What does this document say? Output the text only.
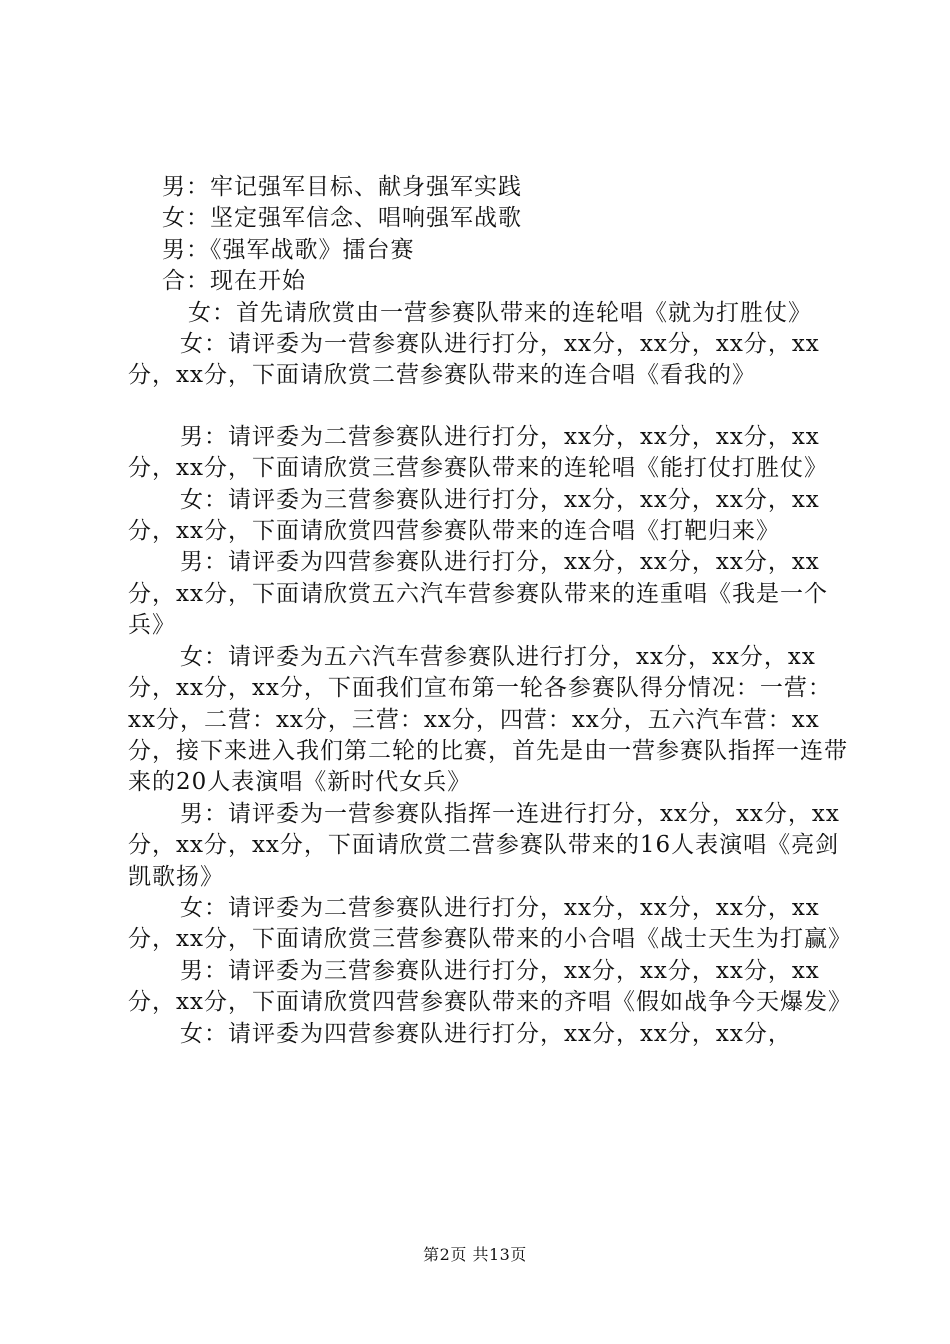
男：牢记强军目标、献身强军实践

女：坚定强军信念、唱响强军战歌

男：《强军战歌》擂台赛

合：现在开始

女：首先请欣赏由一营参赛队带来的连轮唱《就为打胜仗》

女：请评委为一营参赛队进行打分，xx分，xx分，xx分，xx分，xx分，下面请欣赏二营参赛队带来的连合唱《看我的》

男：请评委为二营参赛队进行打分，xx分，xx分，xx分，xx分，xx分，下面请欣赏三营参赛队带来的连轮唱《能打仗打胜仗》

女：请评委为三营参赛队进行打分，xx分，xx分，xx分，xx分，xx分，下面请欣赏四营参赛队带来的连合唱《打靶归来》

男：请评委为四营参赛队进行打分，xx分，xx分，xx分，xx分，xx分，下面请欣赏五六汽车营参赛队带来的连重唱《我是一个兵》

女：请评委为五六汽车营参赛队进行打分，xx分，xx分，xx分，xx分，xx分，下面我们宣布第一轮各参赛队得分情况：一营：xx分，二营：xx分，三营：xx分，四营：xx分，五六汽车营：xx分，接下来进入我们第二轮的比赛，首先是由一营参赛队指挥一连带来的20人表演唱《新时代女兵》

男：请评委为一营参赛队指挥一连进行打分，xx分，xx分，xx分，xx分，xx分，下面请欣赏二营参赛队带来的16人表演唱《亮剑凯歌扬》

女：请评委为二营参赛队进行打分，xx分，xx分，xx分，xx分，xx分，下面请欣赏三营参赛队带来的小合唱《战士天生为打赢》

男：请评委为三营参赛队进行打分，xx分，xx分，xx分，xx分，xx分，下面请欣赏四营参赛队带来的齐唱《假如战争今天爆发》

女：请评委为四营参赛队进行打分，xx分，xx分，xx分，

第2页 共13页
